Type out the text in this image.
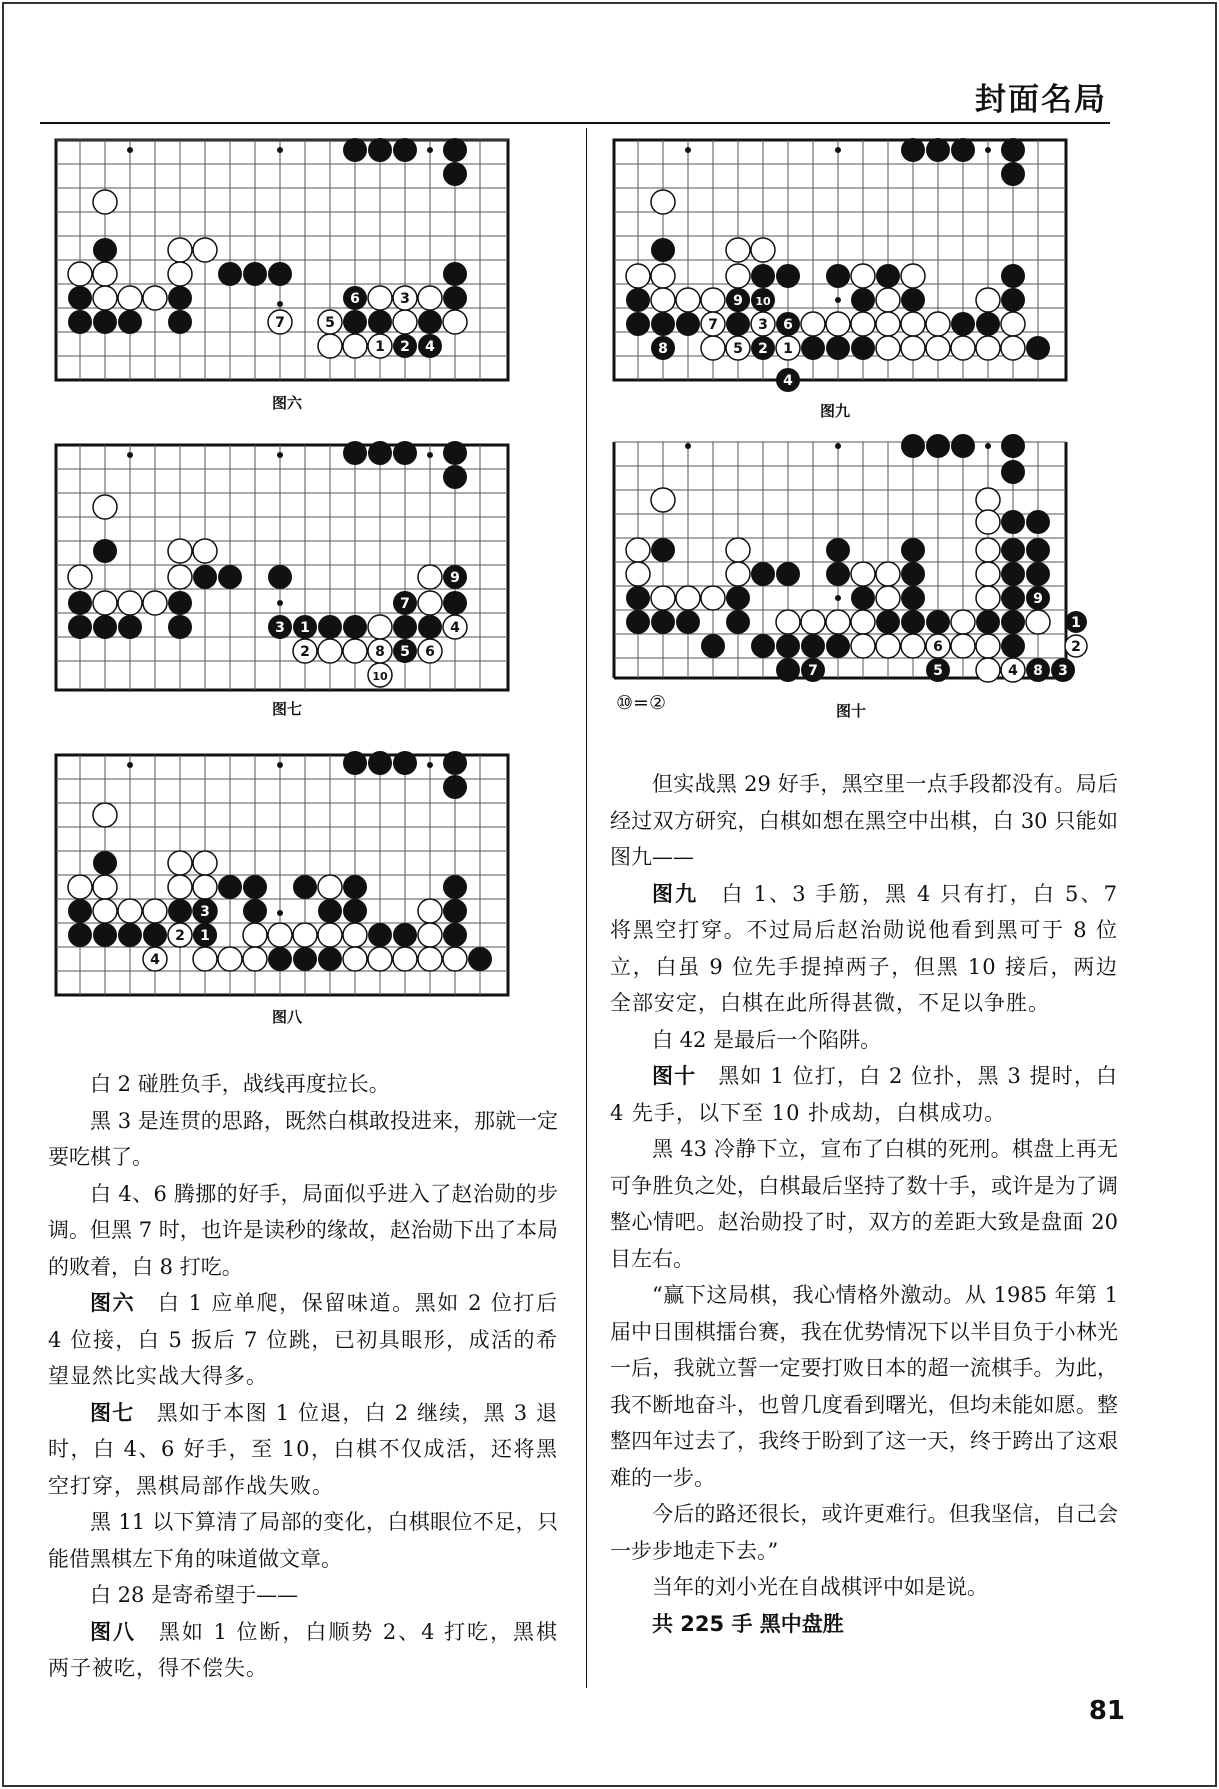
封面名局
6	3
7	5
1 2 4
图六
9
7
3 1	4
2	8 5 6
10
图七
3
2 1
4
图八
9 10
7	3 6
8	5 2 1
4
图九
9
1
2
6
7	5	4 8 3
⑩=②	图十

白 2 碰胜负手，战线再度拉长。

黑 3 是连贯的思路，既然白棋敢投进来，那就一定要吃棋了。

白 4、6 腾挪的好手，局面似乎进入了赵治勋的步调。但黑 7 时，也许是读秒的缘故，赵治勋下出了本局的败着，白 8 打吃。

图六　 白 1 应单爬，保留味道。黑如 2 位打后 4 位接，白 5 扳后 7 位跳，已初具眼形，成活的希望显然比实战大得多。

图七　 黑如于本图 1 位退，白 2 继续，黑 3 退时，白 4、6 好手，至 10，白棋不仅成活，还将黑空打穿，黑棋局部作战失败。

黑 11 以下算清了局部的变化，白棋眼位不足，只能借黑棋左下角的味道做文章。

白 28 是寄希望于——

图八　 黑如 1 位断，白顺势 2、4 打吃，黑棋两子被吃，得不偿失。

但实战黑 29 好手，黑空里一点手段都没有。局后经过双方研究，白棋如想在黑空中出棋，白 30 只能如图九——

图九　 白 1、3 手筋，黑 4 只有打，白 5、7 将黑空打穿。不过局后赵治勋说他看到黑可于 8 位立，白虽 9 位先手提掉两子，但黑 10 接后，两边全部安定，白棋在此所得甚微，不足以争胜。

白 42 是最后一个陷阱。

图十　 黑如 1 位打，白 2 位扑，黑 3 提时，白 4 先手，以下至 10 扑成劫，白棋成功。

黑 43 冷静下立，宣布了白棋的死刑。棋盘上再无可争胜负之处，白棋最后坚持了数十手，或许是为了调整心情吧。赵治勋投了时，双方的差距大致是盘面 20 目左右。

“赢下这局棋，我心情格外激动。从 1985 年第 1 届中日围棋擂台赛，我在优势情况下以半目负于小林光一后，我就立誓一定要打败日本的超一流棋手。为此，我不断地奋斗，也曾几度看到曙光，但均未能如愿。整整四年过去了，我终于盼到了这一天，终于跨出了这艰难的一步。

今后的路还很长，或许更难行。但我坚信，自己会一步步地走下去。”

当年的刘小光在自战棋评中如是说。

共 225 手 黑中盘胜

81
